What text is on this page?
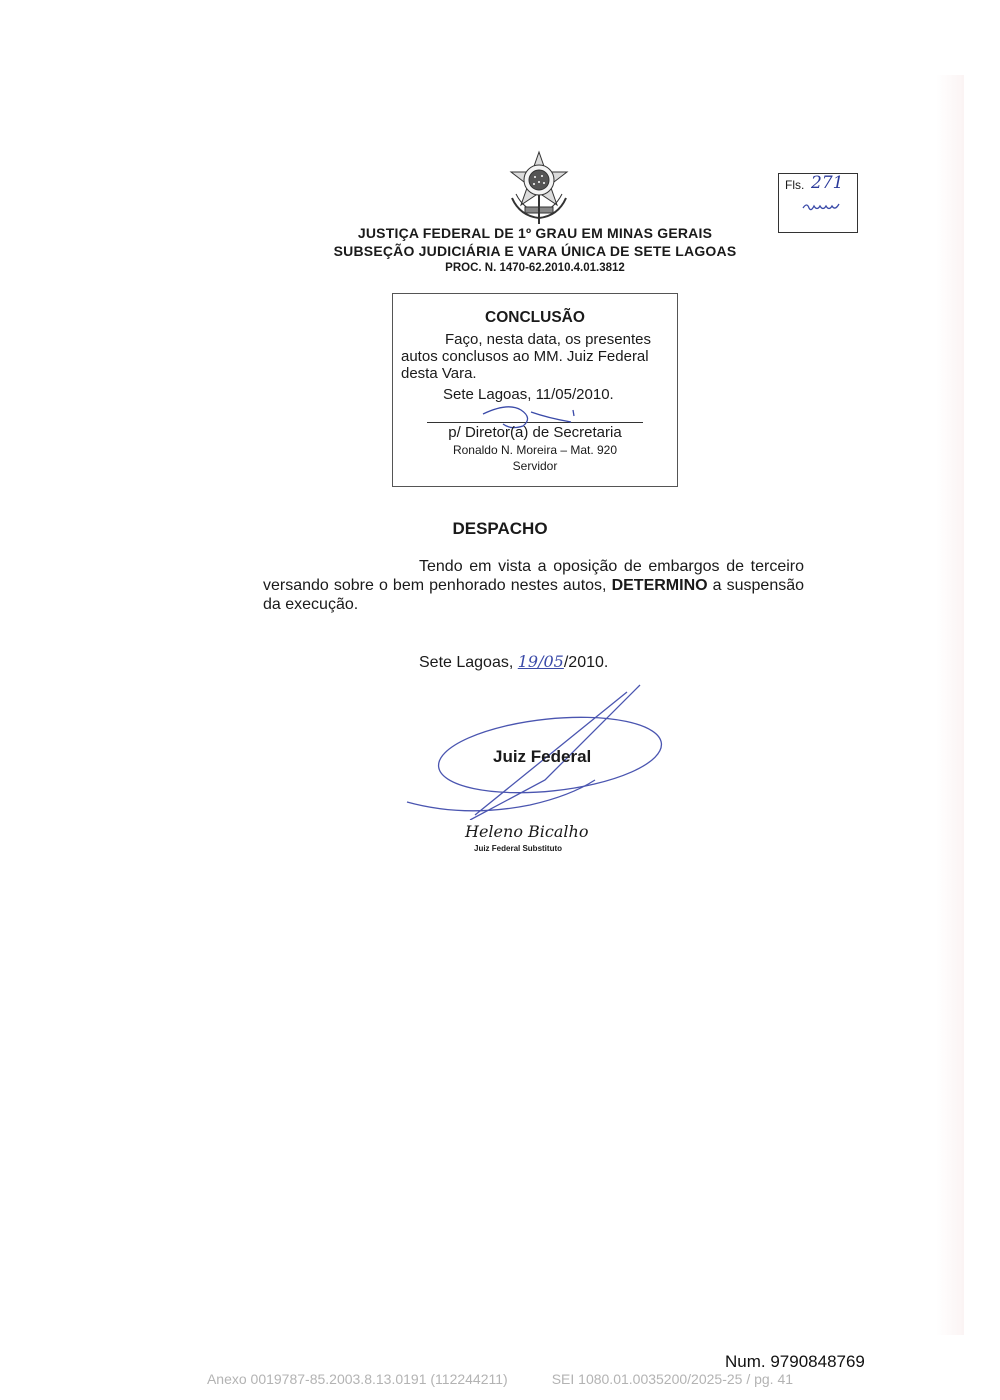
JUSTIÇA FEDERAL DE 1º GRAU EM MINAS GERAIS
SUBSEÇÃO JUDICIÁRIA E VARA ÚNICA DE SETE LAGOAS
PROC. N. 1470-62.2010.4.01.3812
Fls. 271
CONCLUSÃO
Faço, nesta data, os presentes
autos conclusos ao MM. Juiz Federal
desta Vara.
Sete Lagoas, 11/05/2010.
p/ Diretor(a) de Secretaria
Ronaldo N. Moreira – Mat. 920
Servidor
DESPACHO
Tendo em vista a oposição de embargos de terceiro versando sobre o bem penhorado nestes autos, DETERMINO a suspensão da execução.
Sete Lagoas, 19/05/2010.
Juiz Federal
Heleno Bicalho
Juiz Federal Substituto
Num. 9790848769
Anexo 0019787-85.2003.8.13.0191 (112244211)	SEI 1080.01.0035200/2025-25 / pg. 41
